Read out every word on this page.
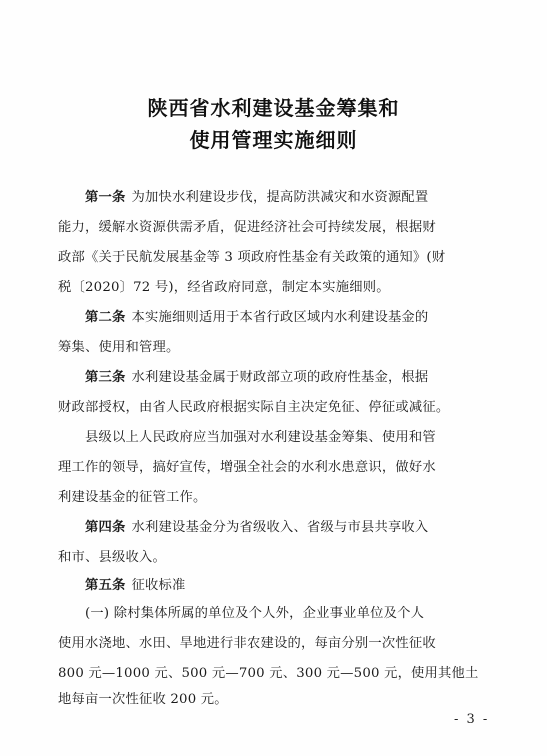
陕西省水利建设基金筹集和
使用管理实施细则
第一条 为加快水利建设步伐，提高防洪减灾和水资源配置
能力，缓解水资源供需矛盾，促进经济社会可持续发展，根据财
政部《关于民航发展基金等 3 项政府性基金有关政策的通知》(财
税〔2020〕72 号)，经省政府同意，制定本实施细则。
第二条 本实施细则适用于本省行政区域内水利建设基金的
筹集、使用和管理。
第三条 水利建设基金属于财政部立项的政府性基金，根据
财政部授权，由省人民政府根据实际自主决定免征、停征或减征。
县级以上人民政府应当加强对水利建设基金筹集、使用和管
理工作的领导，搞好宣传，增强全社会的水利水患意识，做好水
利建设基金的征管工作。
第四条 水利建设基金分为省级收入、省级与市县共享收入
和市、县级收入。
第五条 征收标准
(一) 除村集体所属的单位及个人外，企业事业单位及个人
使用水浇地、水田、旱地进行非农建设的，每亩分别一次性征收
- 3 -
800 元—1000 元、500 元—700 元、300 元—500 元，使用其他土
地每亩一次性征收 200 元。
